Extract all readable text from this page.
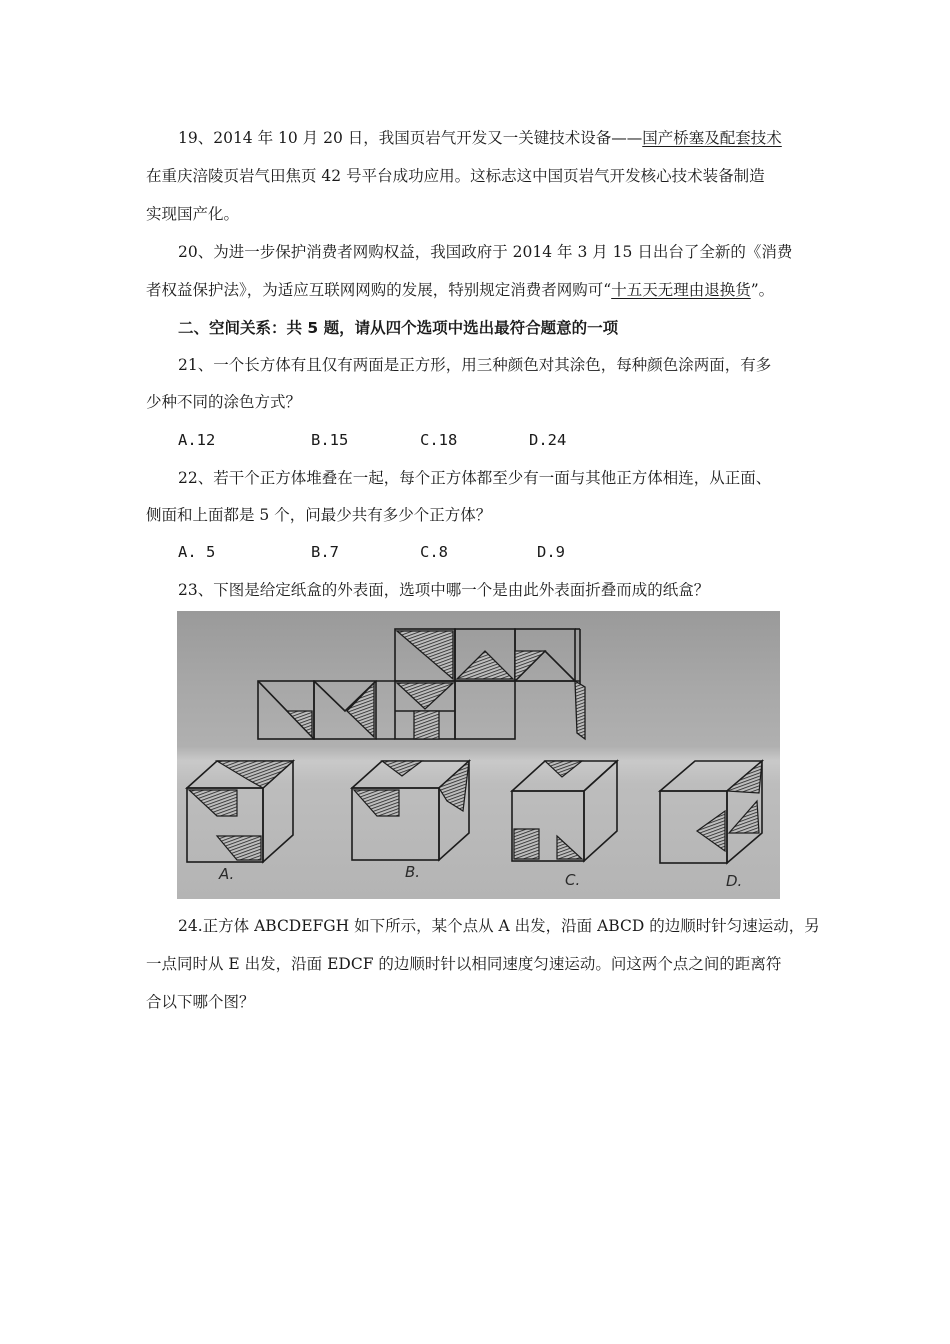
19、2014 年 10 月 20 日，我国页岩气开发又一关键技术设备——国产桥塞及配套技术
在重庆涪陵页岩气田焦页 42 号平台成功应用。这标志这中国页岩气开发核心技术装备制造
实现国产化。
20、为进一步保护消费者网购权益，我国政府于 2014 年 3 月 15 日出台了全新的《消费
者权益保护法》，为适应互联网网购的发展，特别规定消费者网购可“十五天无理由退换货”。
二、空间关系：共 5 题，请从四个选项中选出最符合题意的一项
21、一个长方体有且仅有两面是正方形，用三种颜色对其涂色，每种颜色涂两面，有多
少种不同的涂色方式？
A.12	B.15	C.18	D.24
22、若干个正方体堆叠在一起，每个正方体都至少有一面与其他正方体相连，从正面、
侧面和上面都是 5 个，问最少共有多少个正方体？
A. 5	B.7	C.8	D.9
23、下图是给定纸盒的外表面，选项中哪一个是由此外表面折叠而成的纸盒？
A.	B.	C.	D.
24.正方体 ABCDEFGH 如下所示，某个点从 A 出发，沿面 ABCD 的边顺时针匀速运动，另
一点同时从 E 出发，沿面 EDCF 的边顺时针以相同速度匀速运动。问这两个点之间的距离符
合以下哪个图？
